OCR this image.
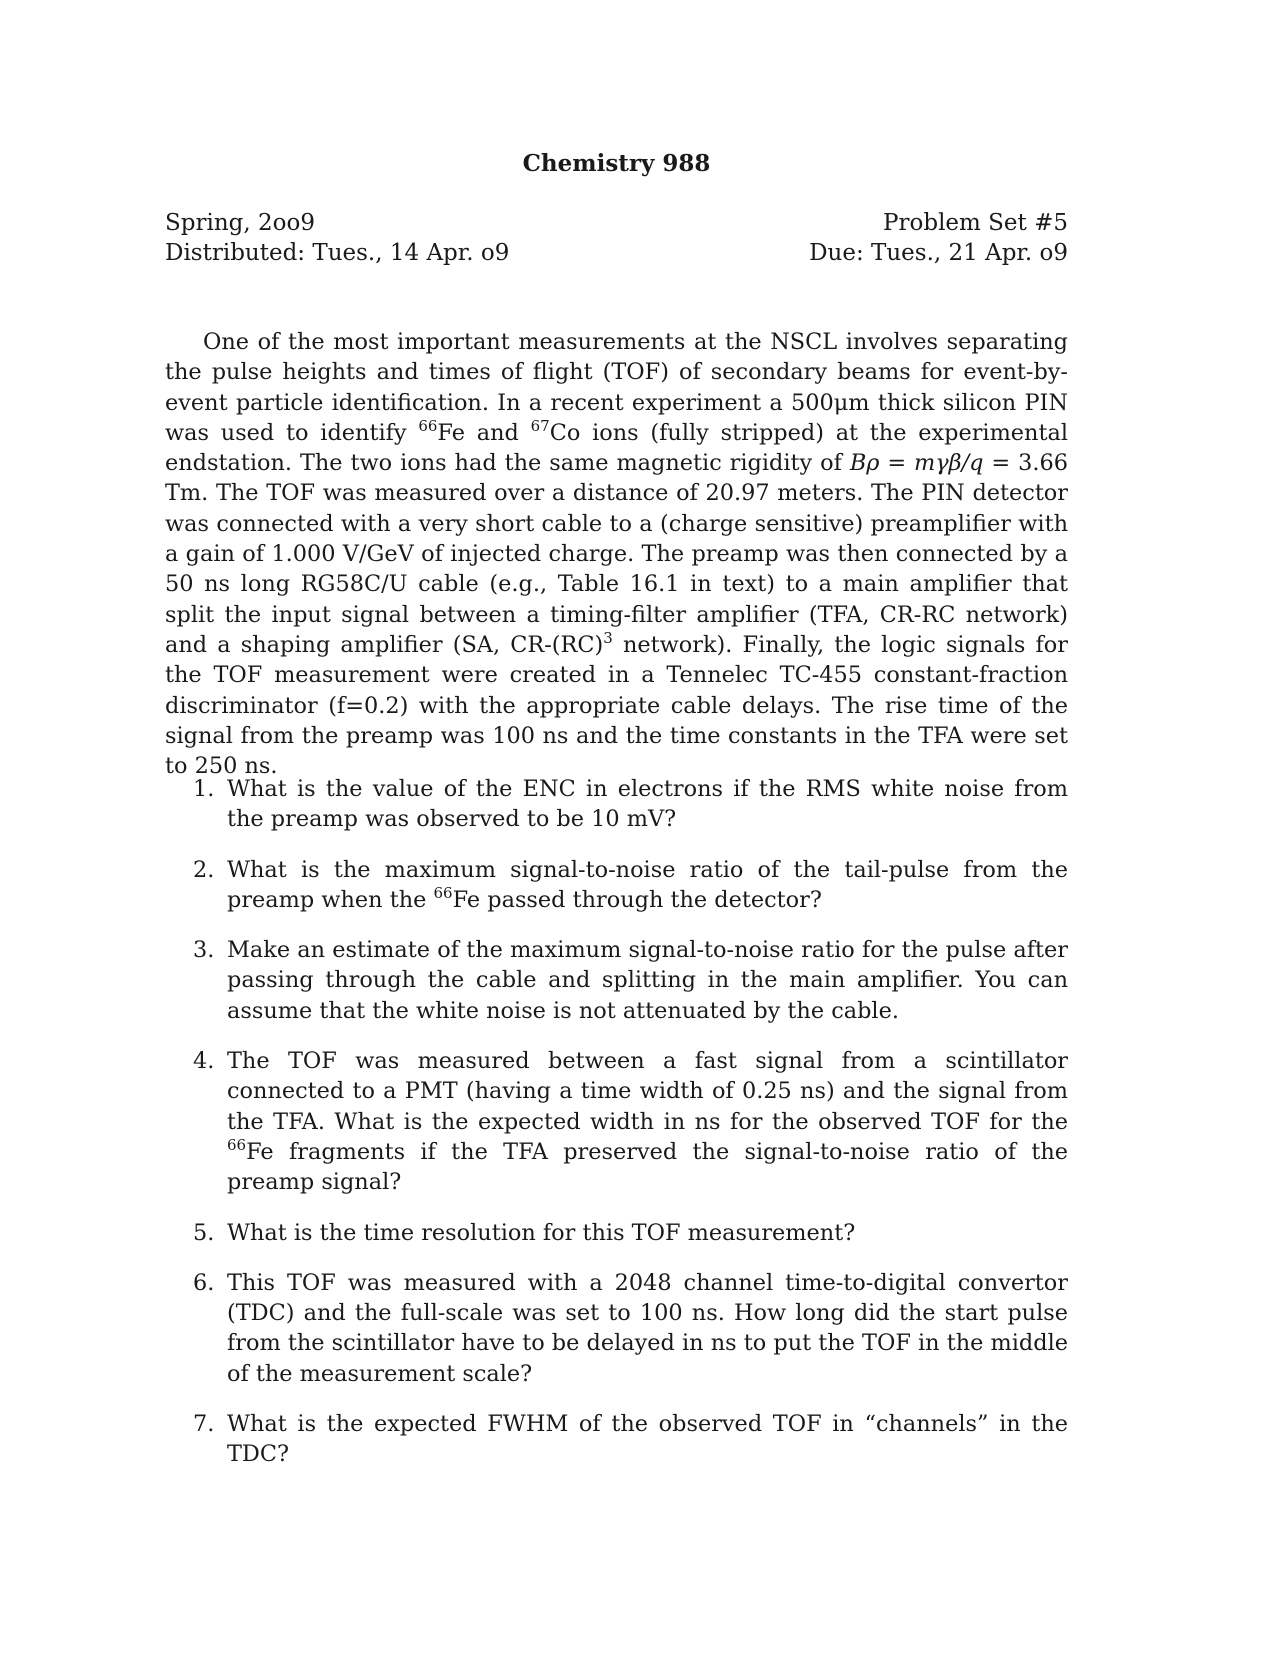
Chemistry 988
Spring, 2oo9
Distributed: Tues., 14 Apr. o9
Problem Set #5
Due: Tues., 21 Apr. o9

One of the most important measurements at the NSCL involves separating the pulse heights and times of flight (TOF) of secondary beams for event-by-event particle identification. In a recent experiment a 500μm thick silicon PIN was used to identify $^{66}$Fe and $^{67}$Co ions (fully stripped) at the experimental endstation. The two ions had the same magnetic rigidity of Bρ = mγβ/q = 3.66 Tm. The TOF was measured over a distance of 20.97 meters. The PIN detector was connected with a very short cable to a (charge sensitive) preamplifier with a gain of 1.000 V/GeV of injected charge. The preamp was then connected by a 50 ns long RG58C/U cable (e.g., Table 16.1 in text) to a main amplifier that split the input signal between a timing-filter amplifier (TFA, CR-RC network) and a shaping amplifier (SA, CR-(RC)$^3$ network). Finally, the logic signals for the TOF measurement were created in a Tennelec TC-455 constant-fraction discriminator (f=0.2) with the appropriate cable delays. The rise time of the signal from the preamp was 100 ns and the time constants in the TFA were set to 250 ns.

1. What is the value of the ENC in electrons if the RMS white noise from the preamp was observed to be 10 mV?
2. What is the maximum signal-to-noise ratio of the tail-pulse from the preamp when the $^{66}$Fe passed through the detector?
3. Make an estimate of the maximum signal-to-noise ratio for the pulse after passing through the cable and splitting in the main amplifier. You can assume that the white noise is not attenuated by the cable.
4. The TOF was measured between a fast signal from a scintillator connected to a PMT (having a time width of 0.25 ns) and the signal from the TFA. What is the expected width in ns for the observed TOF for the $^{66}$Fe fragments if the TFA preserved the signal-to-noise ratio of the preamp signal?
5. What is the time resolution for this TOF measurement?
6. This TOF was measured with a 2048 channel time-to-digital convertor (TDC) and the full-scale was set to 100 ns. How long did the start pulse from the scintillator have to be delayed in ns to put the TOF in the middle of the measurement scale?
7. What is the expected FWHM of the observed TOF in “channels” in the TDC?
